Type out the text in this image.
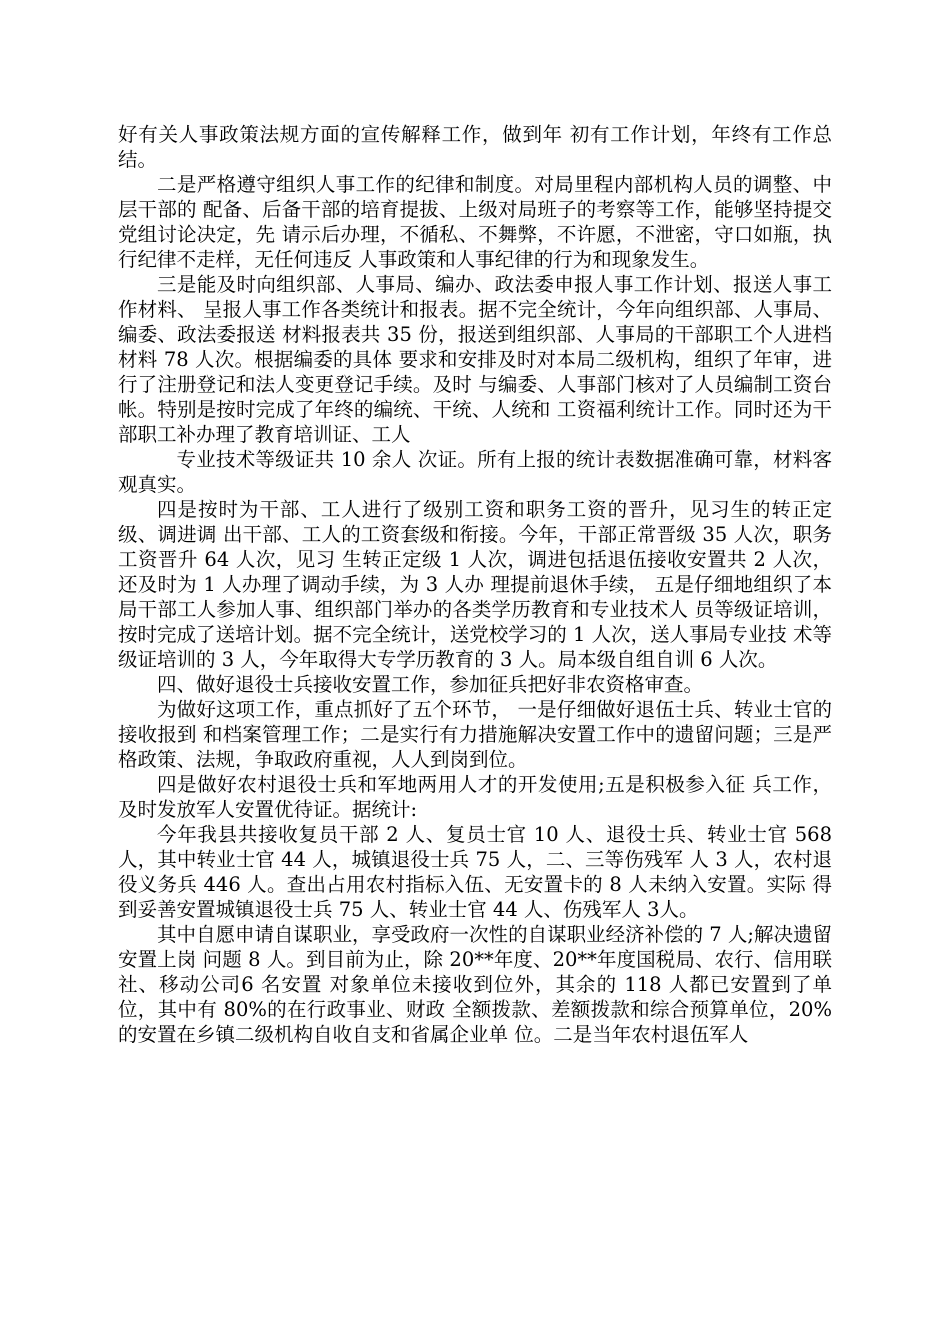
好有关人事政策法规方面的宣传解释工作，做到年 初有工作计划，年终有工作总结。

二是严格遵守组织人事工作的纪律和制度。对局里程内部机构人员的调整、中层干部的 配备、后备干部的培育提拔、上级对局班子的考察等工作，能够坚持提交党组讨论决定，先 请示后办理，不循私、不舞弊，不许愿，不泄密，守口如瓶，执行纪律不走样，无任何违反 人事政策和人事纪律的行为和现象发生。

三是能及时向组织部、人事局、编办、政法委申报人事工作计划、报送人事工作材料、 呈报人事工作各类统计和报表。据不完全统计，今年向组织部、人事局、编委、政法委报送 材料报表共 35 份，报送到组织部、人事局的干部职工个人进档材料 78 人次。根据编委的具体 要求和安排及时对本局二级机构，组织了年审，进行了注册登记和法人变更登记手续。及时 与编委、人事部门核对了人员编制工资台帐。特别是按时完成了年终的编统、干统、人统和 工资福利统计工作。同时还为干部职工补办理了教育培训证、工人

专业技术等级证共 10 余人 次证。所有上报的统计表数据准确可靠，材料客观真实。

四是按时为干部、工人进行了级别工资和职务工资的晋升，见习生的转正定级、调进调 出干部、工人的工资套级和衔接。今年，干部正常晋级 35 人次，职务工资晋升 64 人次，见习 生转正定级 1 人次，调进包括退伍接收安置共 2 人次，还及时为 1 人办理了调动手续，为 3 人办 理提前退休手续， 五是仔细地组织了本局干部工人参加人事、组织部门举办的各类学历教育和专业技术人 员等级证培训，按时完成了送培计划。据不完全统计，送党校学习的 1 人次，送人事局专业技 术等级证培训的 3 人，今年取得大专学历教育的 3 人。局本级自组自训 6 人次。

四、做好退役士兵接收安置工作，参加征兵把好非农资格审查。

为做好这项工作，重点抓好了五个环节， 一是仔细做好退伍士兵、转业士官的接收报到 和档案管理工作；二是实行有力措施解决安置工作中的遗留问题；三是严格政策、法规，争取政府重视，人人到岗到位。

四是做好农村退役士兵和军地两用人才的开发使用;五是积极参入征 兵工作，及时发放军人安置优待证。据统计:

今年我县共接收复员干部 2 人、复员士官 10 人、退役士兵、转业士官 568 人，其中转业士官 44 人，城镇退役士兵 75 人，二、三等伤残军 人 3 人，农村退役义务兵 446 人。查出占用农村指标入伍、无安置卡的 8 人未纳入安置。实际 得到妥善安置城镇退役士兵 75 人、转业士官 44 人、伤残军人 3人。

其中自愿申请自谋职业，享受政府一次性的自谋职业经济补偿的 7 人;解决遗留安置上岗 问题 8 人。到目前为止，除 20**年度、20**年度国税局、农行、信用联社、移动公司6 名安置 对象单位未接收到位外，其余的 118 人都已安置到了单位，其中有 80%的在行政事业、财政 全额拨款、差额拨款和综合预算单位，20%的安置在乡镇二级机构自收自支和省属企业单 位。二是当年农村退伍军人
